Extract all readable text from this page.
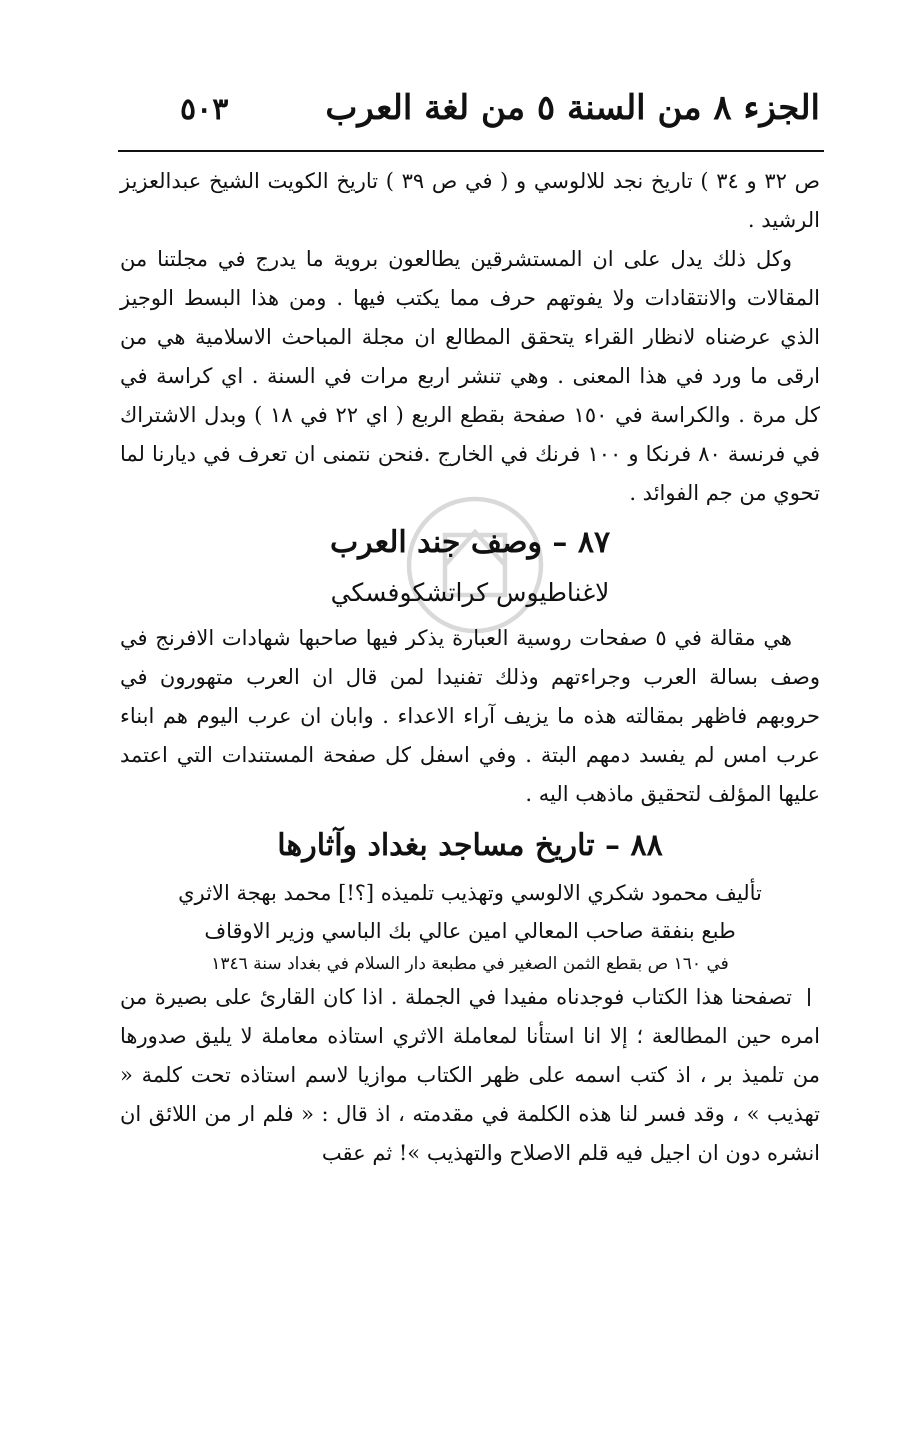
الجزء ٨ من السنة ٥ من لغة العرب
٥٠٣

ص ٣٢ و ٣٤ ) تاريخ نجد للالوسي و ( في ص ٣٩ ) تاريخ الكويت الشيخ عبدالعزيز الرشيد .

وكل ذلك يدل على ان المستشرقين يطالعون بروية ما يدرج في مجلتنا من المقالات والانتقادات ولا يفوتهم حرف مما يكتب فيها . ومن هذا البسط الوجيز الذي عرضناه لانظار القراء يتحقق المطالع ان مجلة المباحث الاسلامية هي من ارقى ما ورد في هذا المعنى . وهي تنشر اربع مرات في السنة . اي كراسة في كل مرة . والكراسة في ١٥٠ صفحة بقطع الربع ( اي ٢٢ في ١٨ ) وبدل الاشتراك في فرنسة ٨٠ فرنكا و ١٠٠ فرنك في الخارج .فنحن نتمنى ان تعرف في ديارنا لما تحوي من جم الفوائد .

٨٧ – وصف جند العرب
لاغناطيوس كراتشكوفسكي

هي مقالة في ٥ صفحات روسية العبارة يذكر فيها صاحبها شهادات الافرنج في وصف بسالة العرب وجراءتهم وذلك تفنيدا لمن قال ان العرب متهورون في حروبهم فاظهر بمقالته هذه ما يزيف آراء الاعداء . وابان ان عرب اليوم هم ابناء عرب امس لم يفسد دمهم البتة . وفي اسفل كل صفحة المستندات التي اعتمد عليها المؤلف لتحقيق ماذهب اليه .

٨٨ – تاريخ مساجد بغداد وآثارها

تأليف محمود شكري الالوسي وتهذيب تلميذه [؟!] محمد بهجة الاثري

طبع بنفقة صاحب المعالي امين عالي بك الباسي وزير الاوقاف

في ١٦٠ ص بقطع الثمن الصغير في مطبعة دار السلام في بغداد سنة ١٣٤٦

تصفحنا هذا الكتاب فوجدناه مفيدا في الجملة . اذا كان القارئ على بصيرة من امره حين المطالعة ؛ إلا انا استأنا لمعاملة الاثري استاذه معاملة لا يليق صدورها من تلميذ بر ، اذ كتب اسمه على ظهر الكتاب موازيا لاسم استاذه تحت كلمة « تهذيب » ، وقد فسر لنا هذه الكلمة في مقدمته ، اذ قال : « فلم ار من اللائق ان انشره دون ان اجيل فيه قلم الاصلاح والتهذيب »! ثم عقب
